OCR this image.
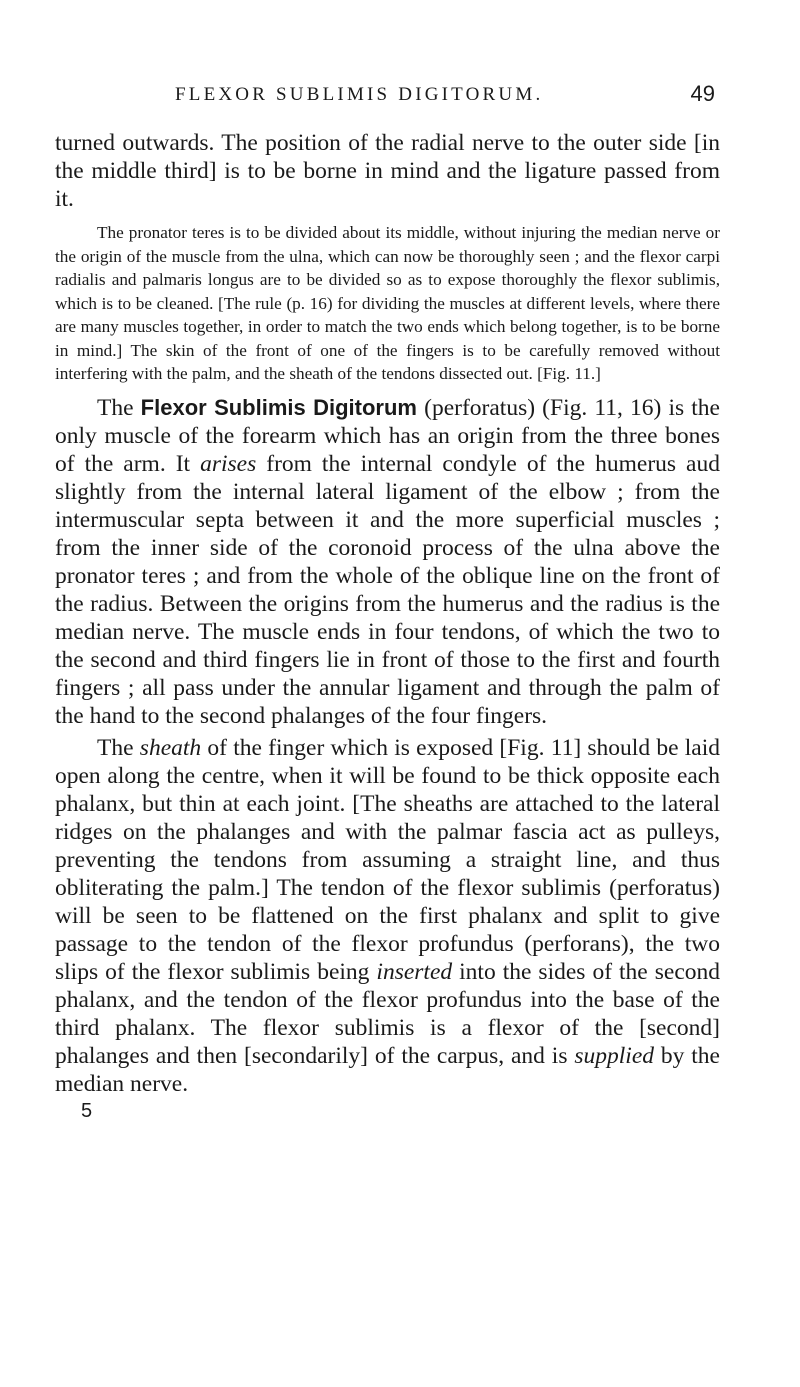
FLEXOR SUBLIMIS DIGITORUM.	49

turned outwards. The position of the radial nerve to the outer side [in the middle third] is to be borne in mind and the ligature passed from it.

The pronator teres is to be divided about its middle, without injuring the median nerve or the origin of the muscle from the ulna, which can now be thoroughly seen ; and the flexor carpi radialis and palmaris longus are to be divided so as to expose thoroughly the flexor sublimis, which is to be cleaned. [The rule (p. 16) for dividing the muscles at different levels, where there are many muscles together, in order to match the two ends which belong together, is to be borne in mind.] The skin of the front of one of the fingers is to be carefully removed without interfering with the palm, and the sheath of the tendons dissected out. [Fig. 11.]

The Flexor Sublimis Digitorum (perforatus) (Fig. 11, 16) is the only muscle of the forearm which has an origin from the three bones of the arm. It arises from the internal condyle of the humerus aud slightly from the internal lateral ligament of the elbow ; from the intermuscular septa between it and the more superficial muscles ; from the inner side of the coronoid process of the ulna above the pronator teres ; and from the whole of the oblique line on the front of the radius. Between the origins from the humerus and the radius is the median nerve. The muscle ends in four tendons, of which the two to the second and third fingers lie in front of those to the first and fourth fingers ; all pass under the annular ligament and through the palm of the hand to the second phalanges of the four fingers.

The sheath of the finger which is exposed [Fig. 11] should be laid open along the centre, when it will be found to be thick opposite each phalanx, but thin at each joint. [The sheaths are attached to the lateral ridges on the phalanges and with the palmar fascia act as pulleys, preventing the tendons from assuming a straight line, and thus obliterating the palm.] The tendon of the flexor sublimis (perforatus) will be seen to be flattened on the first phalanx and split to give passage to the tendon of the flexor profundus (perforans), the two slips of the flexor sublimis being inserted into the sides of the second phalanx, and the tendon of the flexor profundus into the base of the third phalanx. The flexor sublimis is a flexor of the [second] phalanges and then [secondarily] of the carpus, and is supplied by the median nerve.

5
